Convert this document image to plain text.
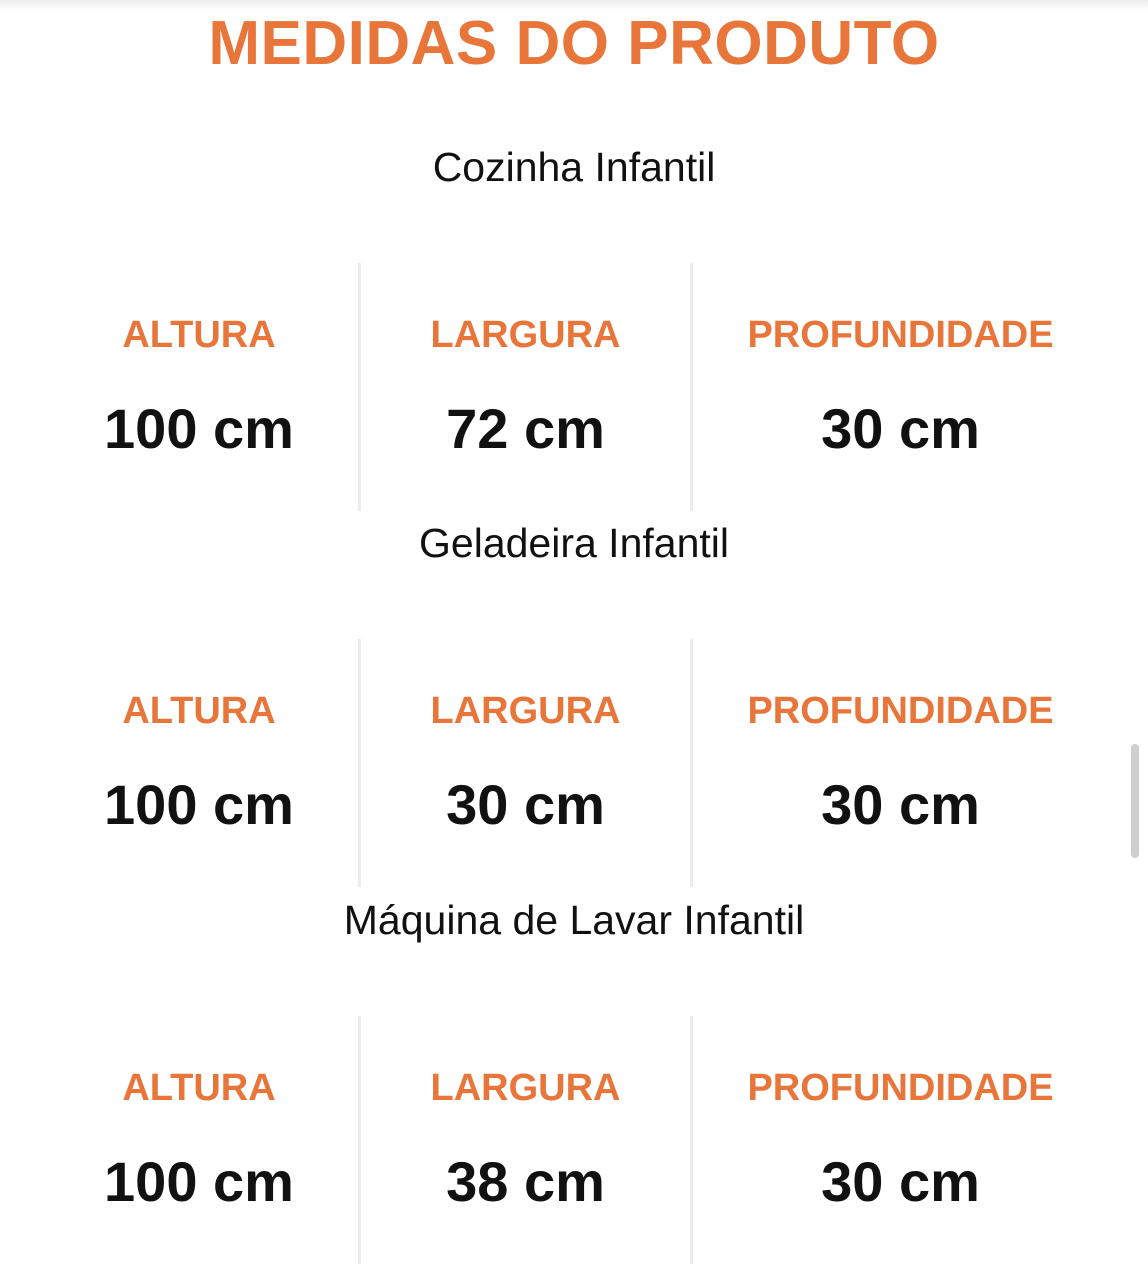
MEDIDAS DO PRODUTO
Cozinha Infantil
ALTURA
100 cm
LARGURA
72 cm
PROFUNDIDADE
30 cm
Geladeira Infantil
ALTURA
100 cm
LARGURA
30 cm
PROFUNDIDADE
30 cm
Máquina de Lavar Infantil
ALTURA
100 cm
LARGURA
38 cm
PROFUNDIDADE
30 cm
